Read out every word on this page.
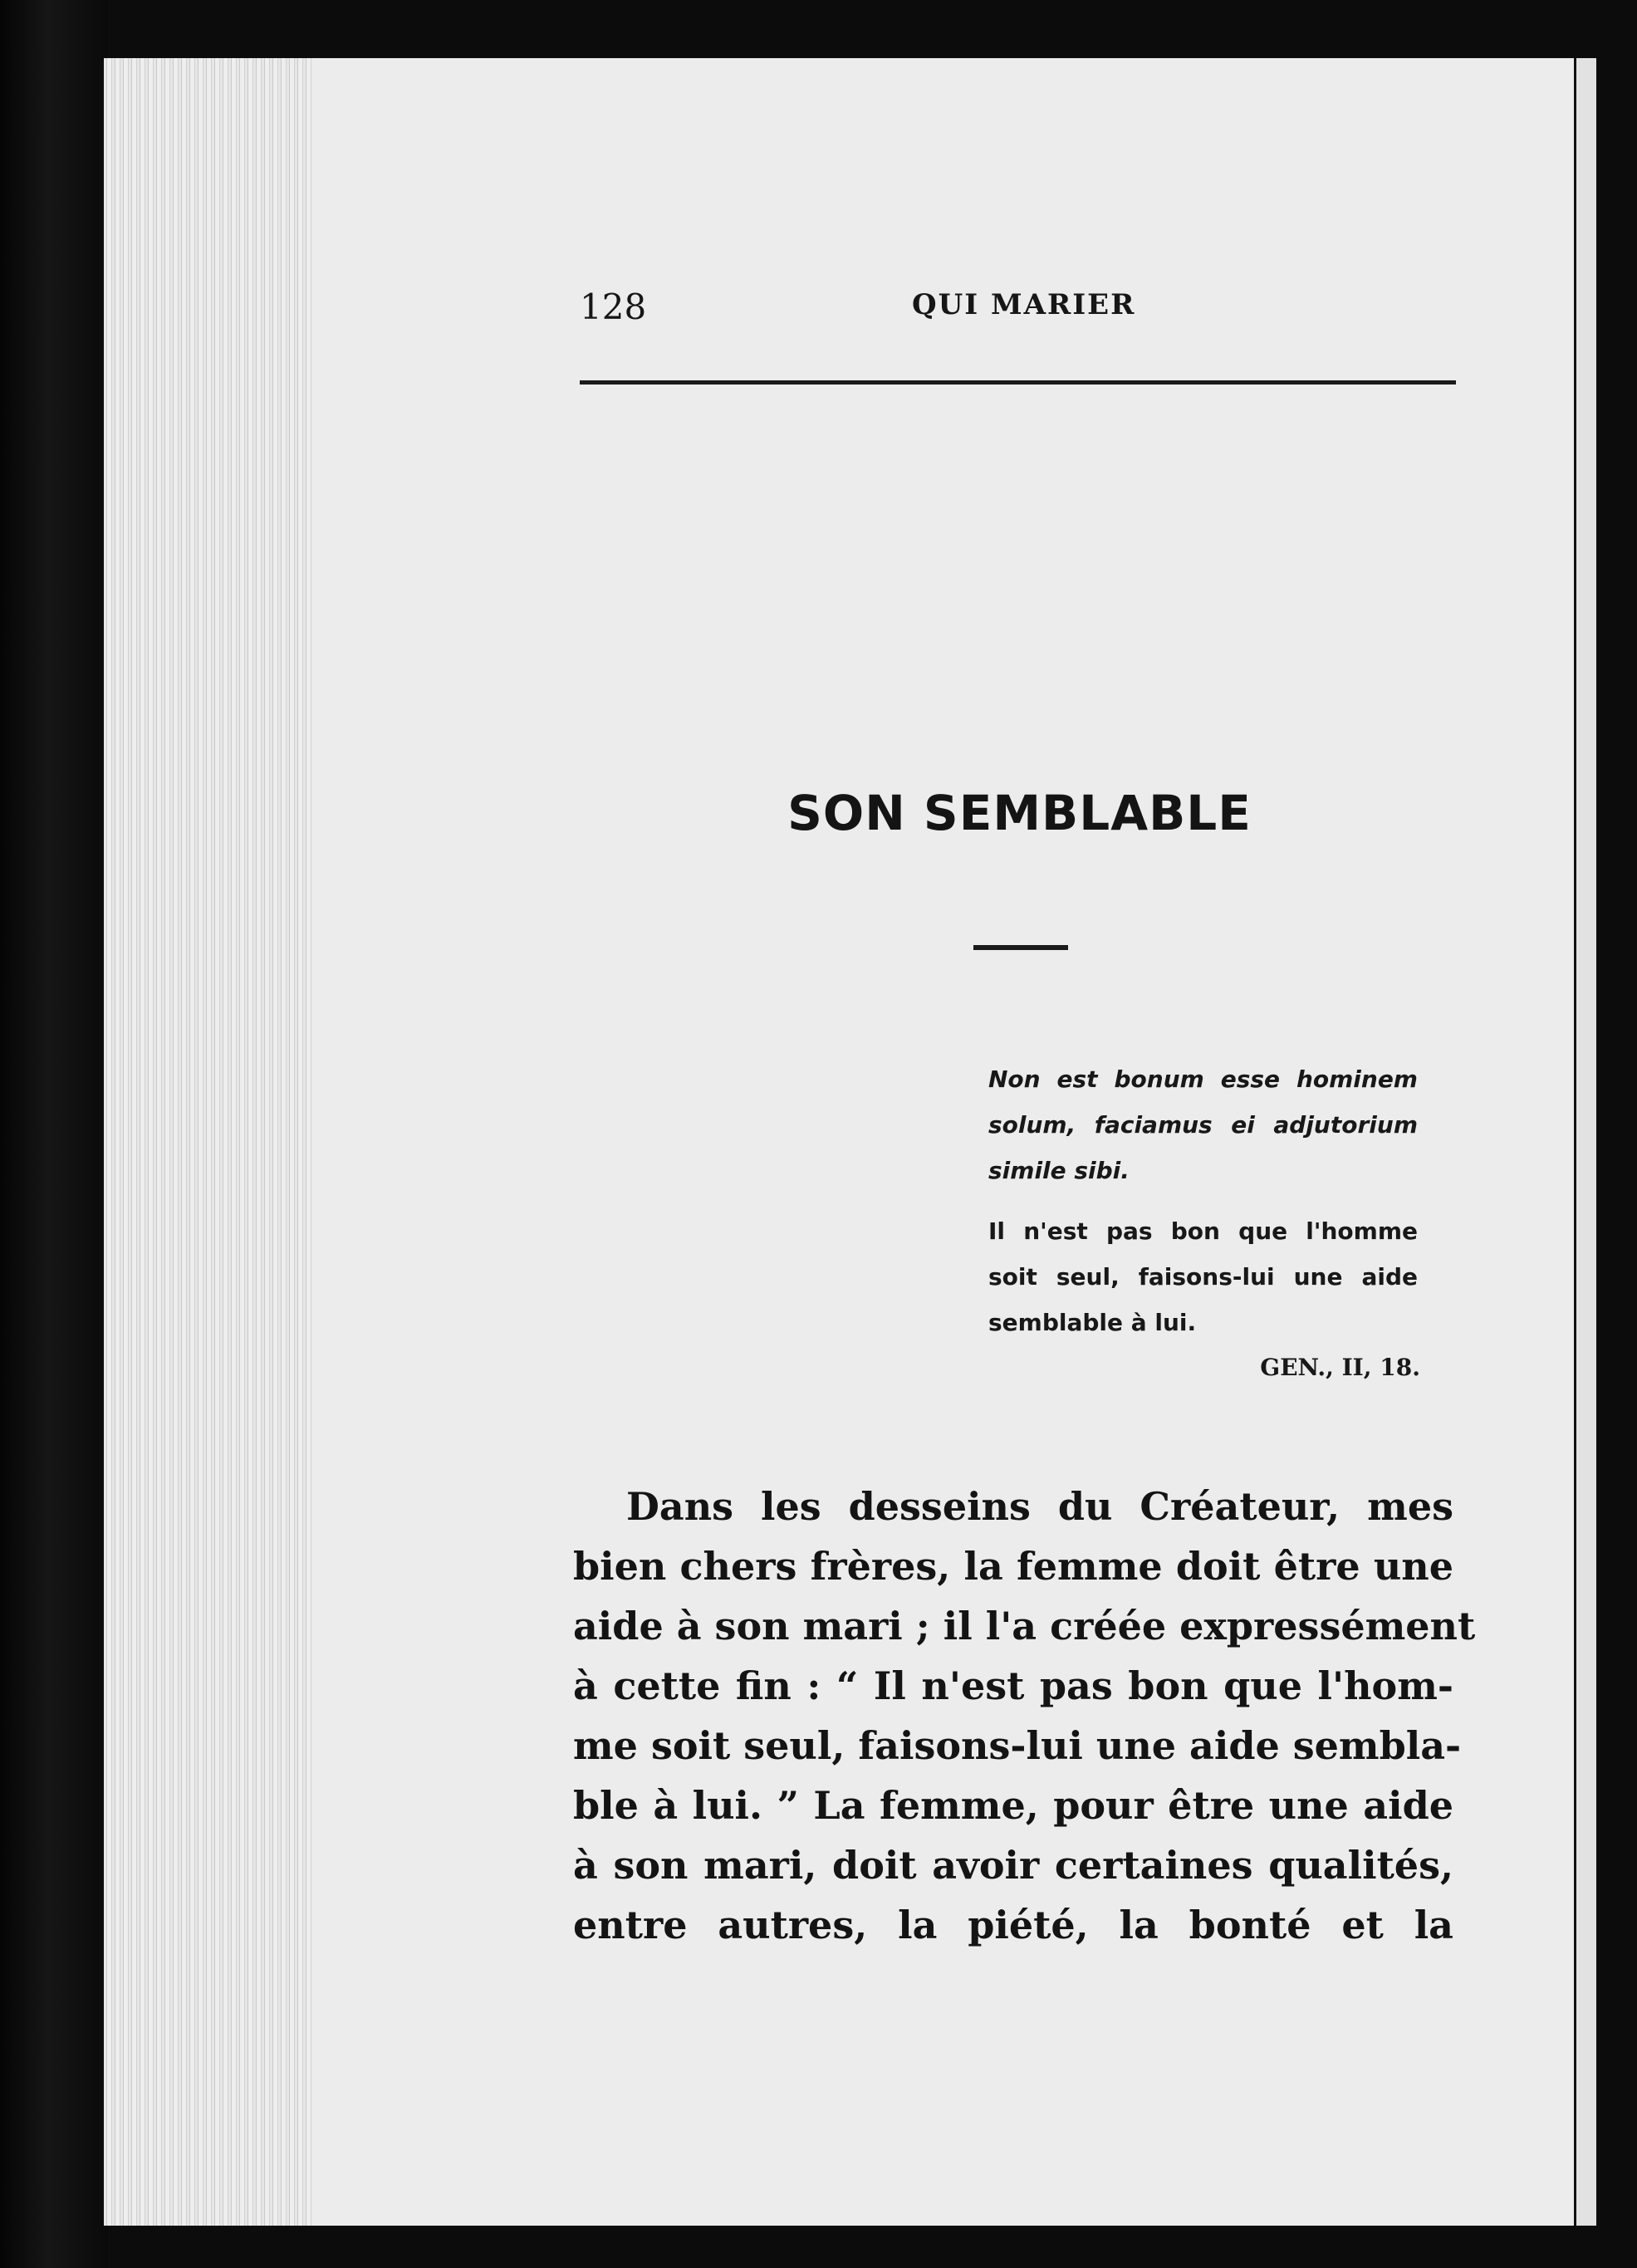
128	QUI MARIER
SON SEMBLABLE
Non est bonum esse hominem solum, faciamus ei adjutorium simile sibi.
Il n'est pas bon que l'homme soit seul, faisons-lui une aide semblable à lui.
GEN., II, 18.
Dans les desseins du Créateur, mes
bien chers frères, la femme doit être une
aide à son mari ; il l'a créée expressément
à cette fin : “ Il n'est pas bon que l'hom-
me soit seul, faisons-lui une aide sembla-
ble à lui. ” La femme, pour être une aide
à son mari, doit avoir certaines qualités,
entre autres, la piété, la bonté et la
